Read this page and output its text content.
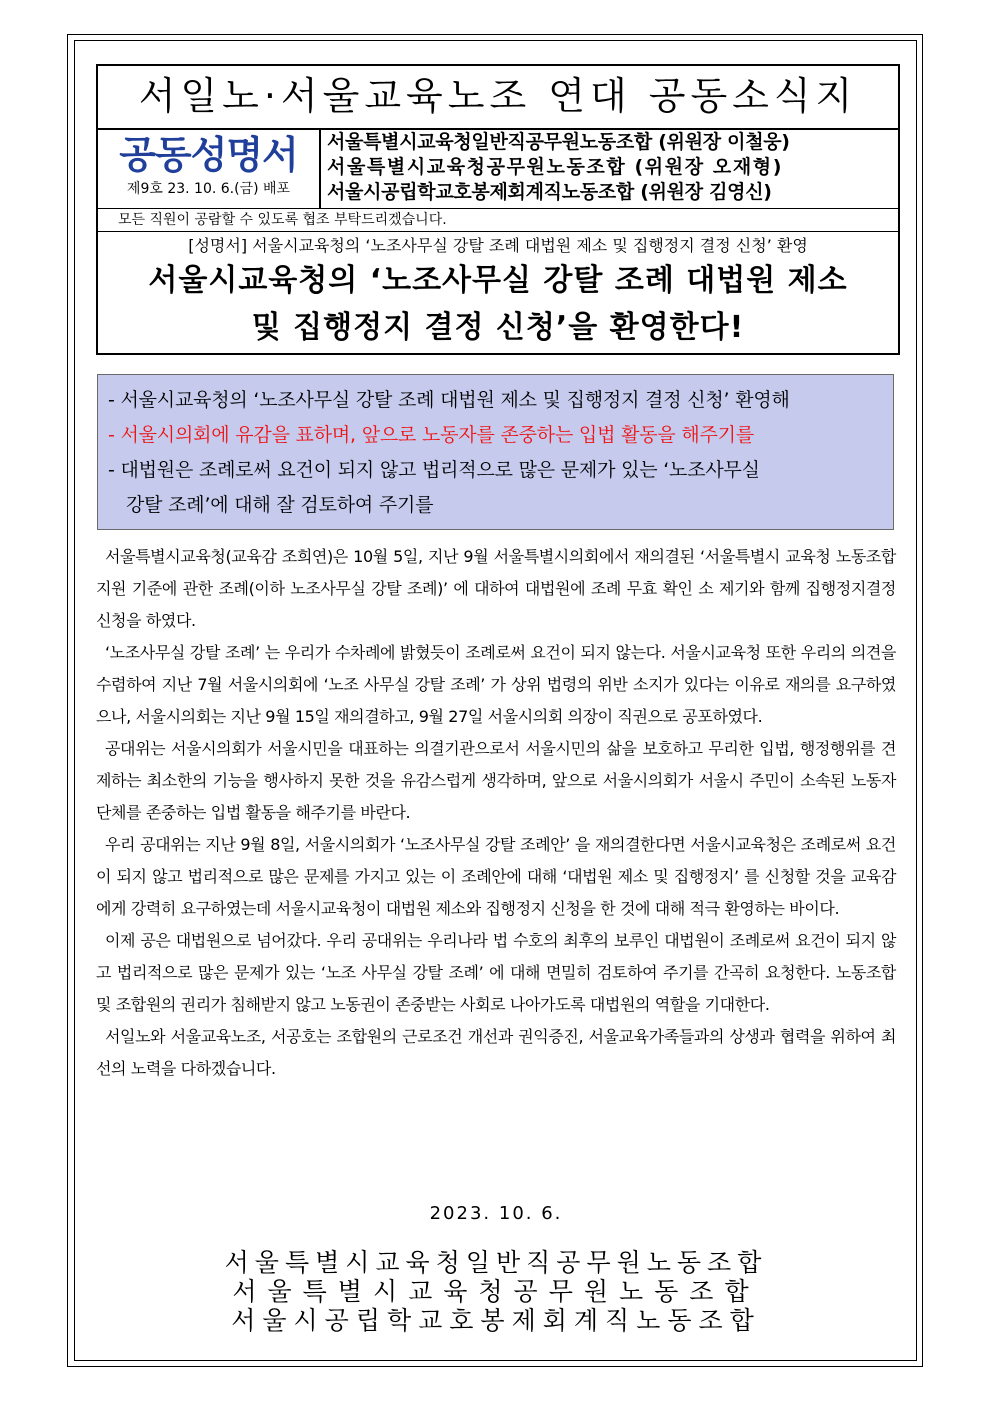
서일노·서울교육노조 연대 공동소식지
공동성명서
제9호 23. 10. 6.(금) 배포
서울특별시교육청일반직공무원노동조합 (위원장 이철웅)
서울특별시교육청공무원노동조합 (위원장 오재형)
서울시공립학교호봉제회계직노동조합 (위원장 김영신)
모든 직원이 공람할 수 있도록 협조 부탁드리겠습니다.
[성명서] 서울시교육청의 ‘노조사무실 강탈 조례 대법원 제소 및 집행정지 결정 신청’ 환영
서울시교육청의 ‘노조사무실 강탈 조례 대법원 제소
및 집행정지 결정 신청’을 환영한다!
- 서울시교육청의 ‘노조사무실 강탈 조례 대법원 제소 및 집행정지 결정 신청’ 환영해
- 서울시의회에 유감을 표하며, 앞으로 노동자를 존중하는 입법 활동을 해주기를
- 대법원은 조례로써 요건이 되지 않고 법리적으로 많은 문제가 있는 ‘노조사무실
강탈 조례’에 대해 잘 검토하여 주기를

서울특별시교육청(교육감 조희연)은 10월 5일, 지난 9월 서울특별시의회에서 재의결된 ‘서울특별시 교육청 노동조합 지원 기준에 관한 조례(이하 노조사무실 강탈 조례)’ 에 대하여 대법원에 조례 무효 확인 소 제기와 함께 집행정지결정 신청을 하였다.

‘노조사무실 강탈 조례’ 는 우리가 수차례에 밝혔듯이 조례로써 요건이 되지 않는다. 서울시교육청 또한 우리의 의견을 수렴하여 지난 7월 서울시의회에 ‘노조 사무실 강탈 조례’ 가 상위 법령의 위반 소지가 있다는 이유로 재의를 요구하였으나, 서울시의회는 지난 9월 15일 재의결하고, 9월 27일 서울시의회 의장이 직권으로 공포하였다.

공대위는 서울시의회가 서울시민을 대표하는 의결기관으로서 서울시민의 삶을 보호하고 무리한 입법, 행정행위를 견제하는 최소한의 기능을 행사하지 못한 것을 유감스럽게 생각하며, 앞으로 서울시의회가 서울시 주민이 소속된 노동자 단체를 존중하는 입법 활동을 해주기를 바란다.

우리 공대위는 지난 9월 8일, 서울시의회가 ‘노조사무실 강탈 조례안’ 을 재의결한다면 서울시교육청은 조례로써 요건이 되지 않고 법리적으로 많은 문제를 가지고 있는 이 조례안에 대해 ‘대법원 제소 및 집행정지’ 를 신청할 것을 교육감에게 강력히 요구하였는데 서울시교육청이 대법원 제소와 집행정지 신청을 한 것에 대해 적극 환영하는 바이다.

이제 공은 대법원으로 넘어갔다. 우리 공대위는 우리나라 법 수호의 최후의 보루인 대법원이 조례로써 요건이 되지 않고 법리적으로 많은 문제가 있는 ‘노조 사무실 강탈 조례’ 에 대해 면밀히 검토하여 주기를 간곡히 요청한다. 노동조합 및 조합원의 권리가 침해받지 않고 노동권이 존중받는 사회로 나아가도록 대법원의 역할을 기대한다.

서일노와 서울교육노조, 서공호는 조합원의 근로조건 개선과 권익증진, 서울교육가족들과의 상생과 협력을 위하여 최선의 노력을 다하겠습니다.

2023. 10. 6.
서울특별시교육청일반직공무원노동조합
서울특별시교육청공무원노동조합
서울시공립학교호봉제회계직노동조합
